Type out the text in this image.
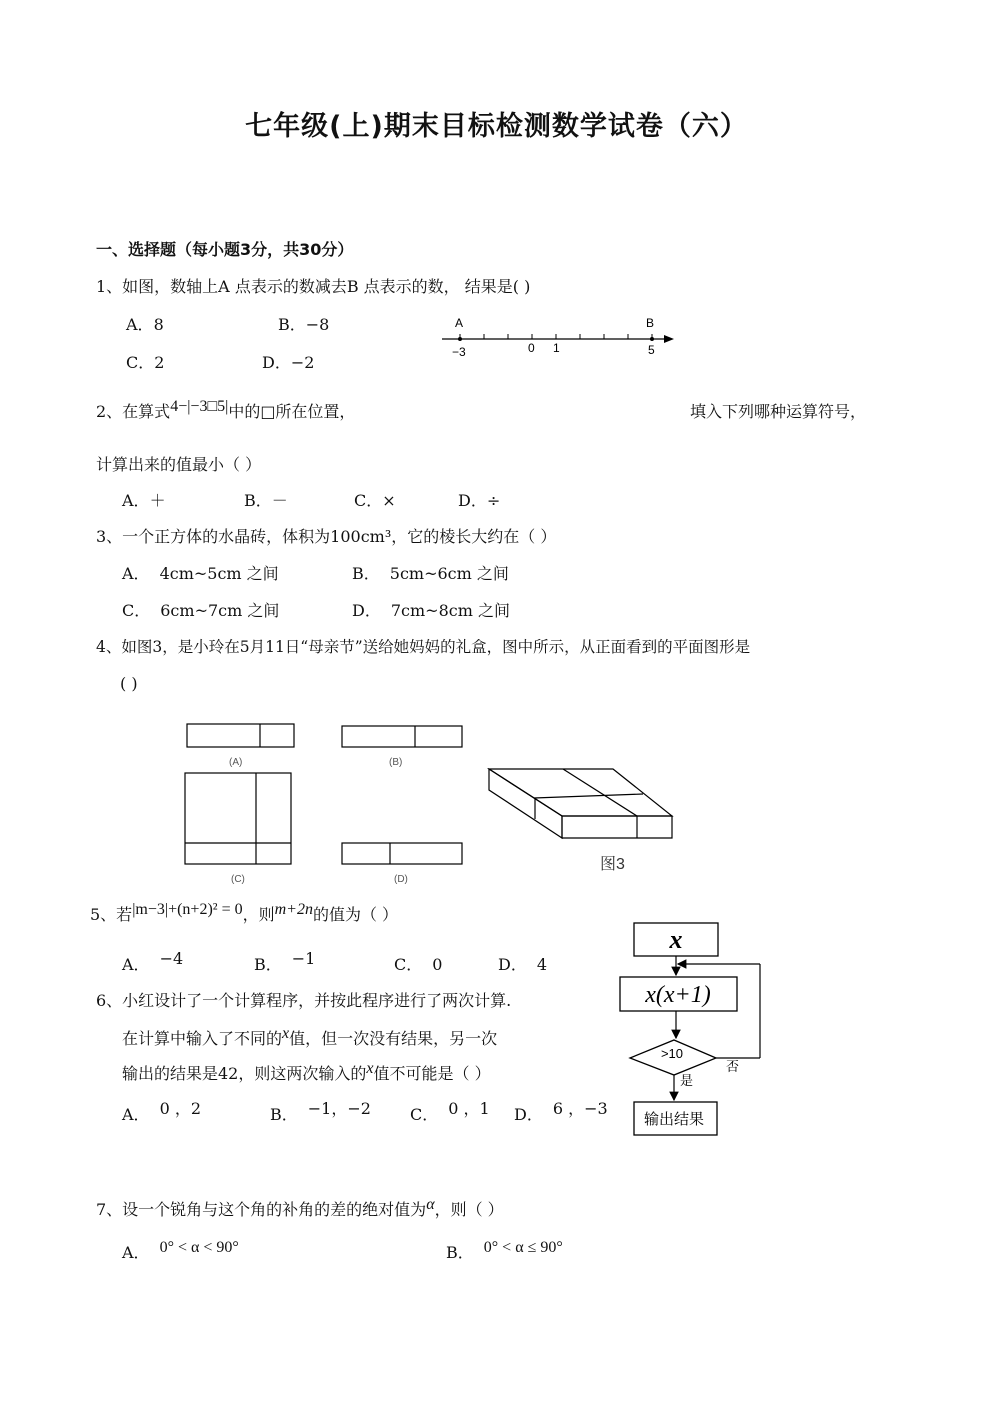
七年级(上)期末目标检测数学试卷（六）
一、选择题（每小题3分，共30分）
1、如图，数轴上A 点表示的数减去B 点表示的数， 结果是( )
A．8	B．−8
C．2	D．−2
A	B
−3	0 1	5
2、在算式4−|−3□5|中的□所在位置，	填入下列哪种运算符号，
计算出来的值最小（ ）
A．＋	B．－	C．×	D．÷
3、一个正方体的水晶砖，体积为100cm³，它的棱长大约在（ ）
A． 4cm~5cm 之间	B． 5cm~6cm 之间
C． 6cm~7cm 之间	D． 7cm~8cm 之间
4、如图3，是小玲在5月11日“母亲节”送给她妈妈的礼盒，图中所示，从正面看到的平面图形是
( )
(A)	(B)
(C)	(D)
图3
5、若|m−3|+(n+2)² = 0，则m+2n的值为（ ）
A． −4	B． −1	C． 0	D． 4
6、小红设计了一个计算程序，并按此程序进行了两次计算.
在计算中输入了不同的x值，但一次没有结果，另一次
输出的结果是42，则这两次输入的x值不可能是（ ）
A． 0 ，2	B． −1，−2 C． 0 ，1 D． 6 ，−3
x
x(x+1)
>10
否
是
输出结果
7、设一个锐角与这个角的补角的差的绝对值为α，则（ ）
A． 0° < α < 90°	B． 0° < α ≤ 90°
